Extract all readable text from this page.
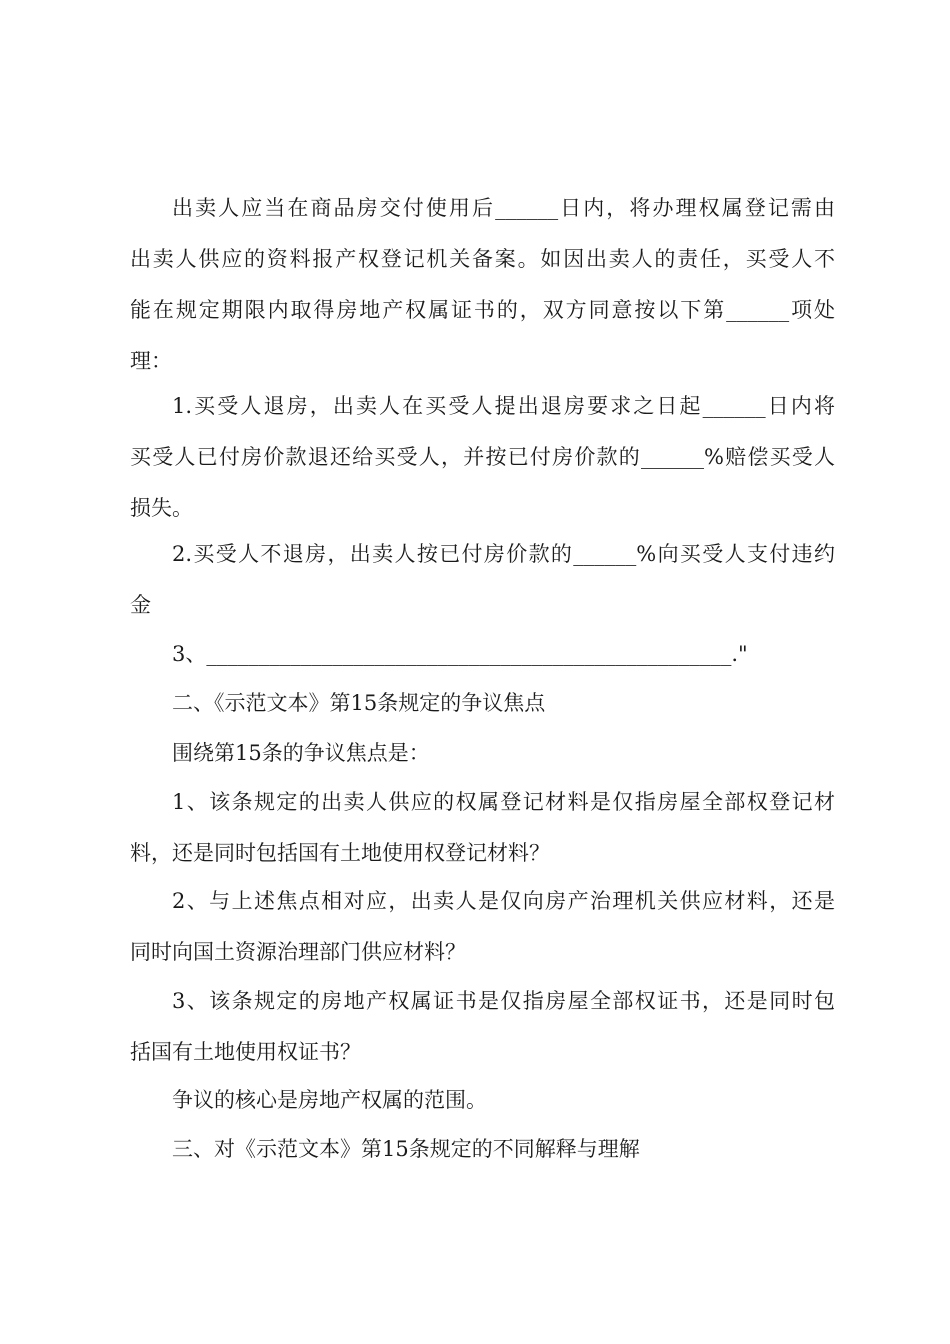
出卖人应当在商品房交付使用后______日内，将办理权属登记需由
出卖人供应的资料报产权登记机关备案。如因出卖人的责任，买受人不
能在规定期限内取得房地产权属证书的，双方同意按以下第______项处
理：
1.买受人退房，出卖人在买受人提出退房要求之日起______日内将
买受人已付房价款退还给买受人，并按已付房价款的______%赔偿买受人
损失。
2.买受人不退房，出卖人按已付房价款的______%向买受人支付违约
金
3、__________________________________________________."
二、《示范文本》第15条规定的争议焦点
围绕第15条的争议焦点是：
1、该条规定的出卖人供应的权属登记材料是仅指房屋全部权登记材
料，还是同时包括国有土地使用权登记材料？
2、与上述焦点相对应，出卖人是仅向房产治理机关供应材料，还是
同时向国土资源治理部门供应材料？
3、该条规定的房地产权属证书是仅指房屋全部权证书，还是同时包
括国有土地使用权证书？
争议的核心是房地产权属的范围。
三、对《示范文本》第15条规定的不同解释与理解
